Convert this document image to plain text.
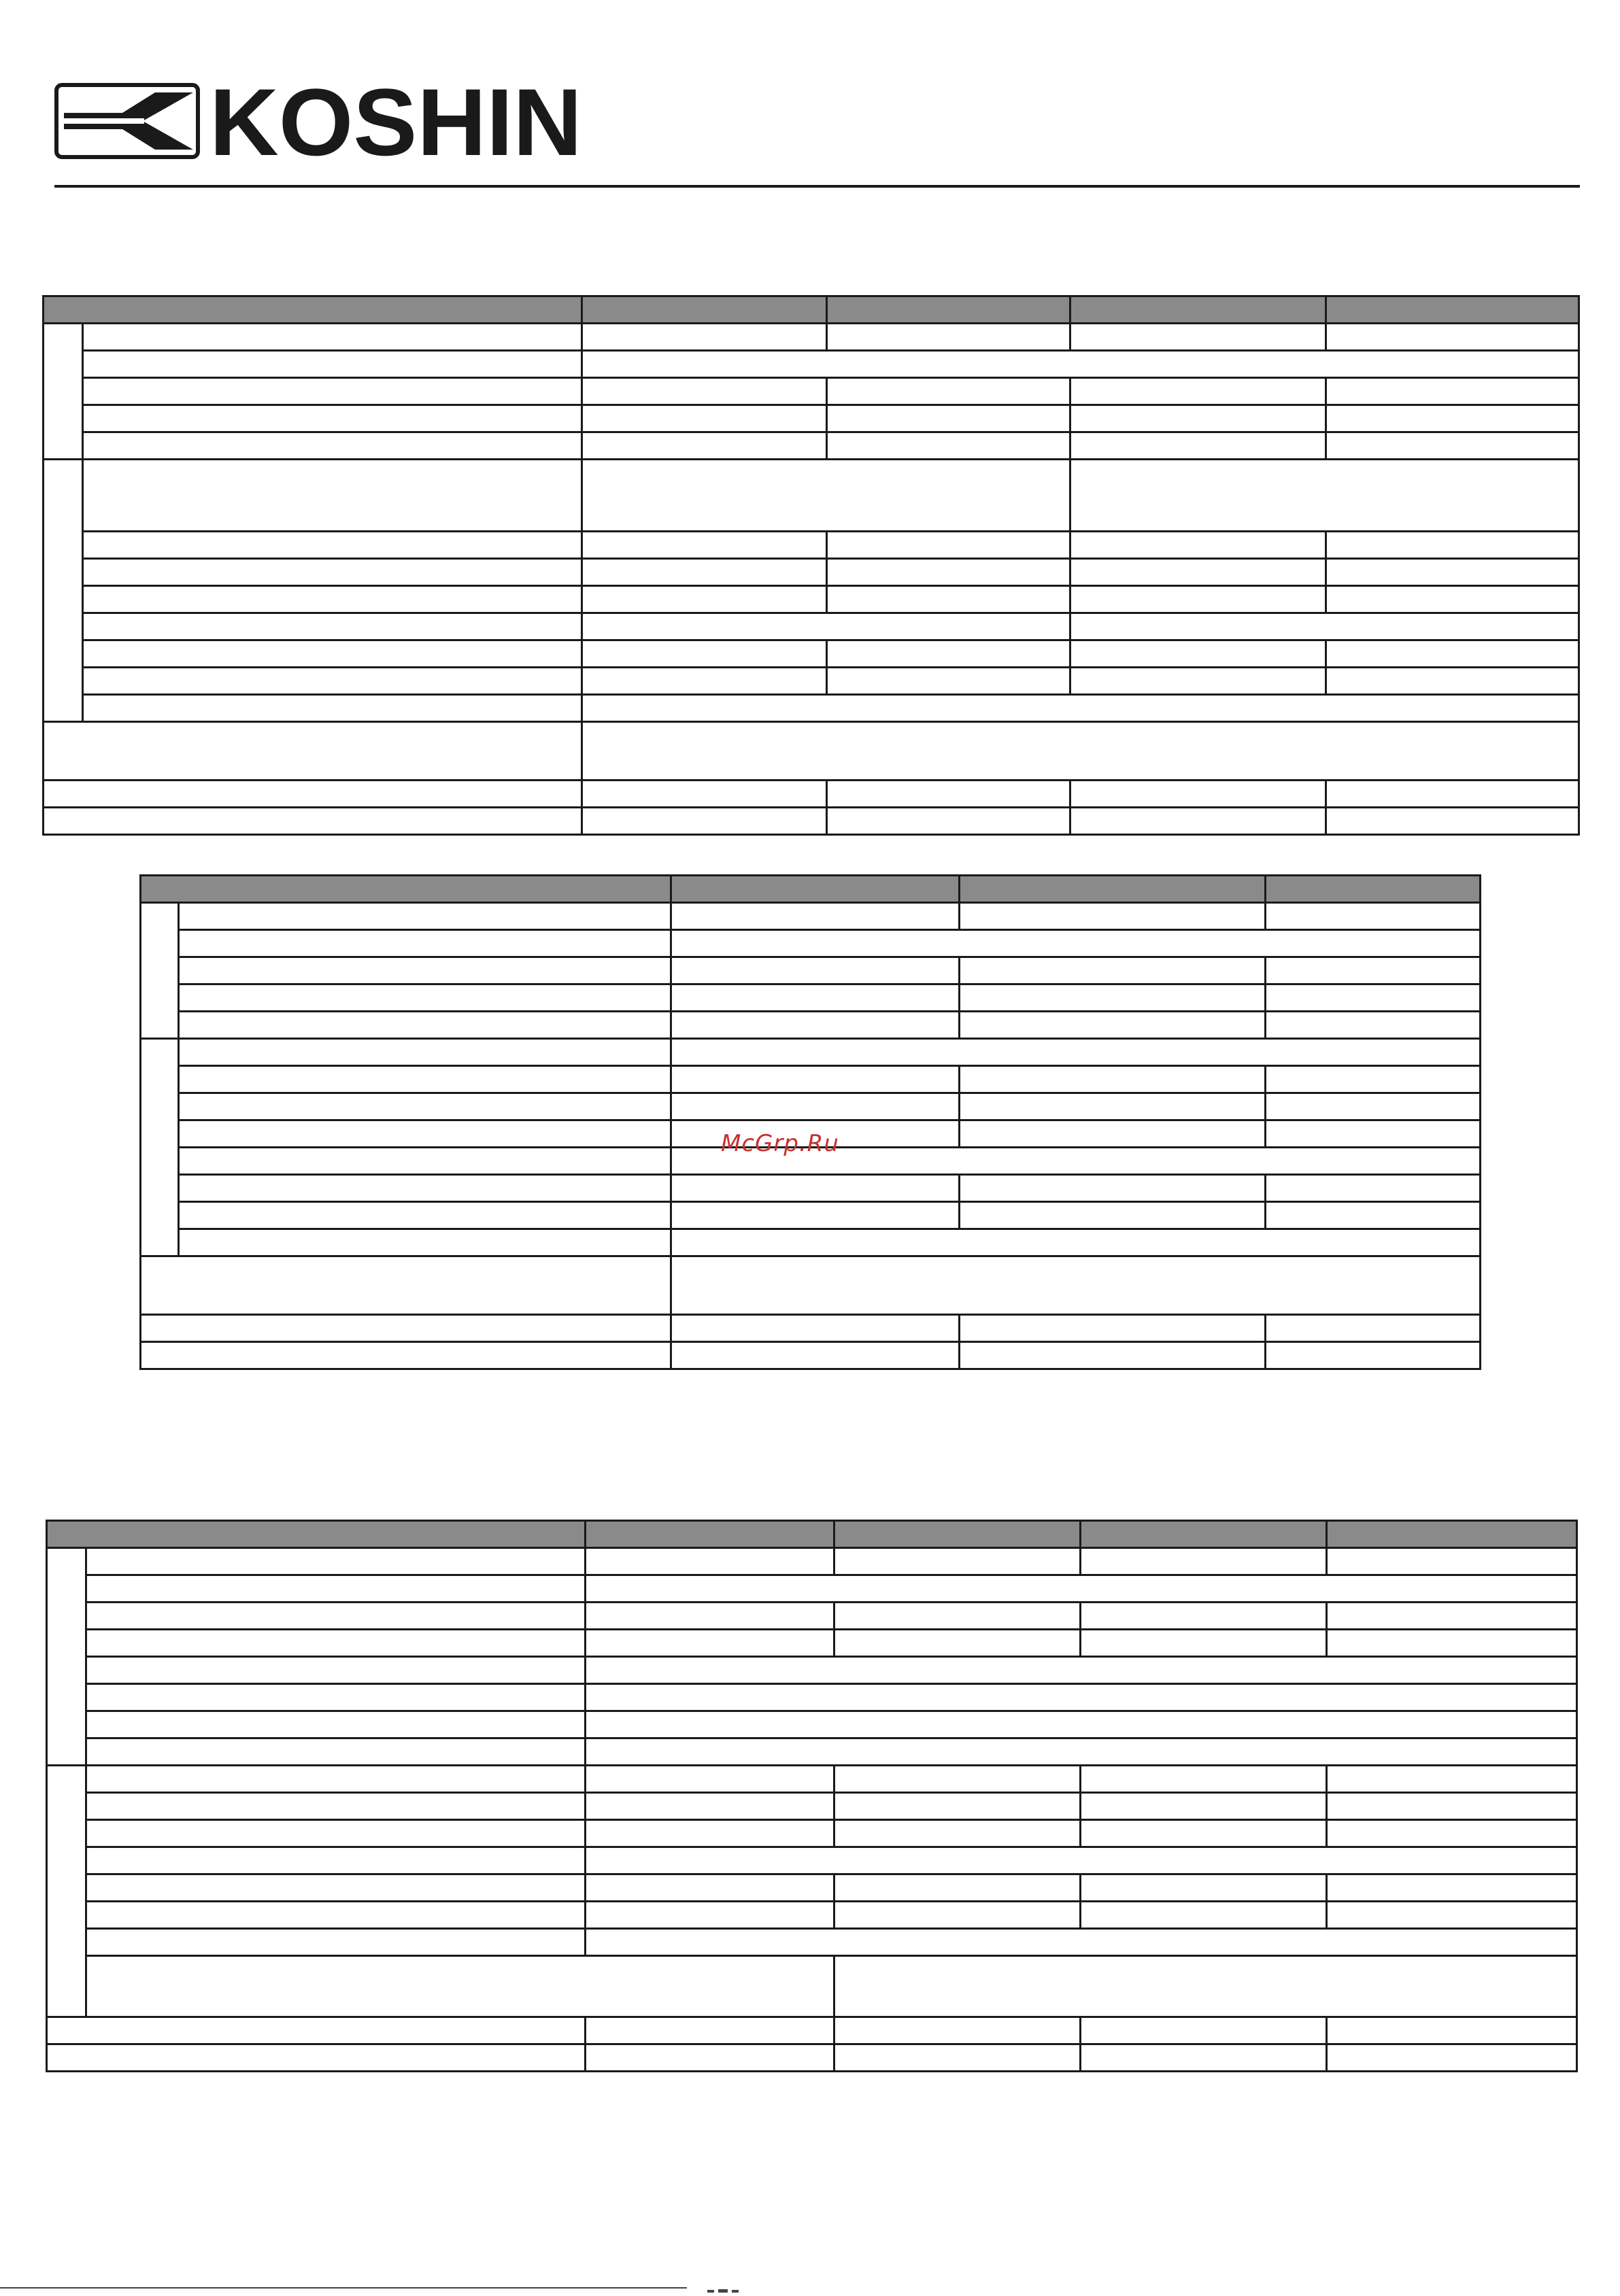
KOSHIN

McGrp.Ru
